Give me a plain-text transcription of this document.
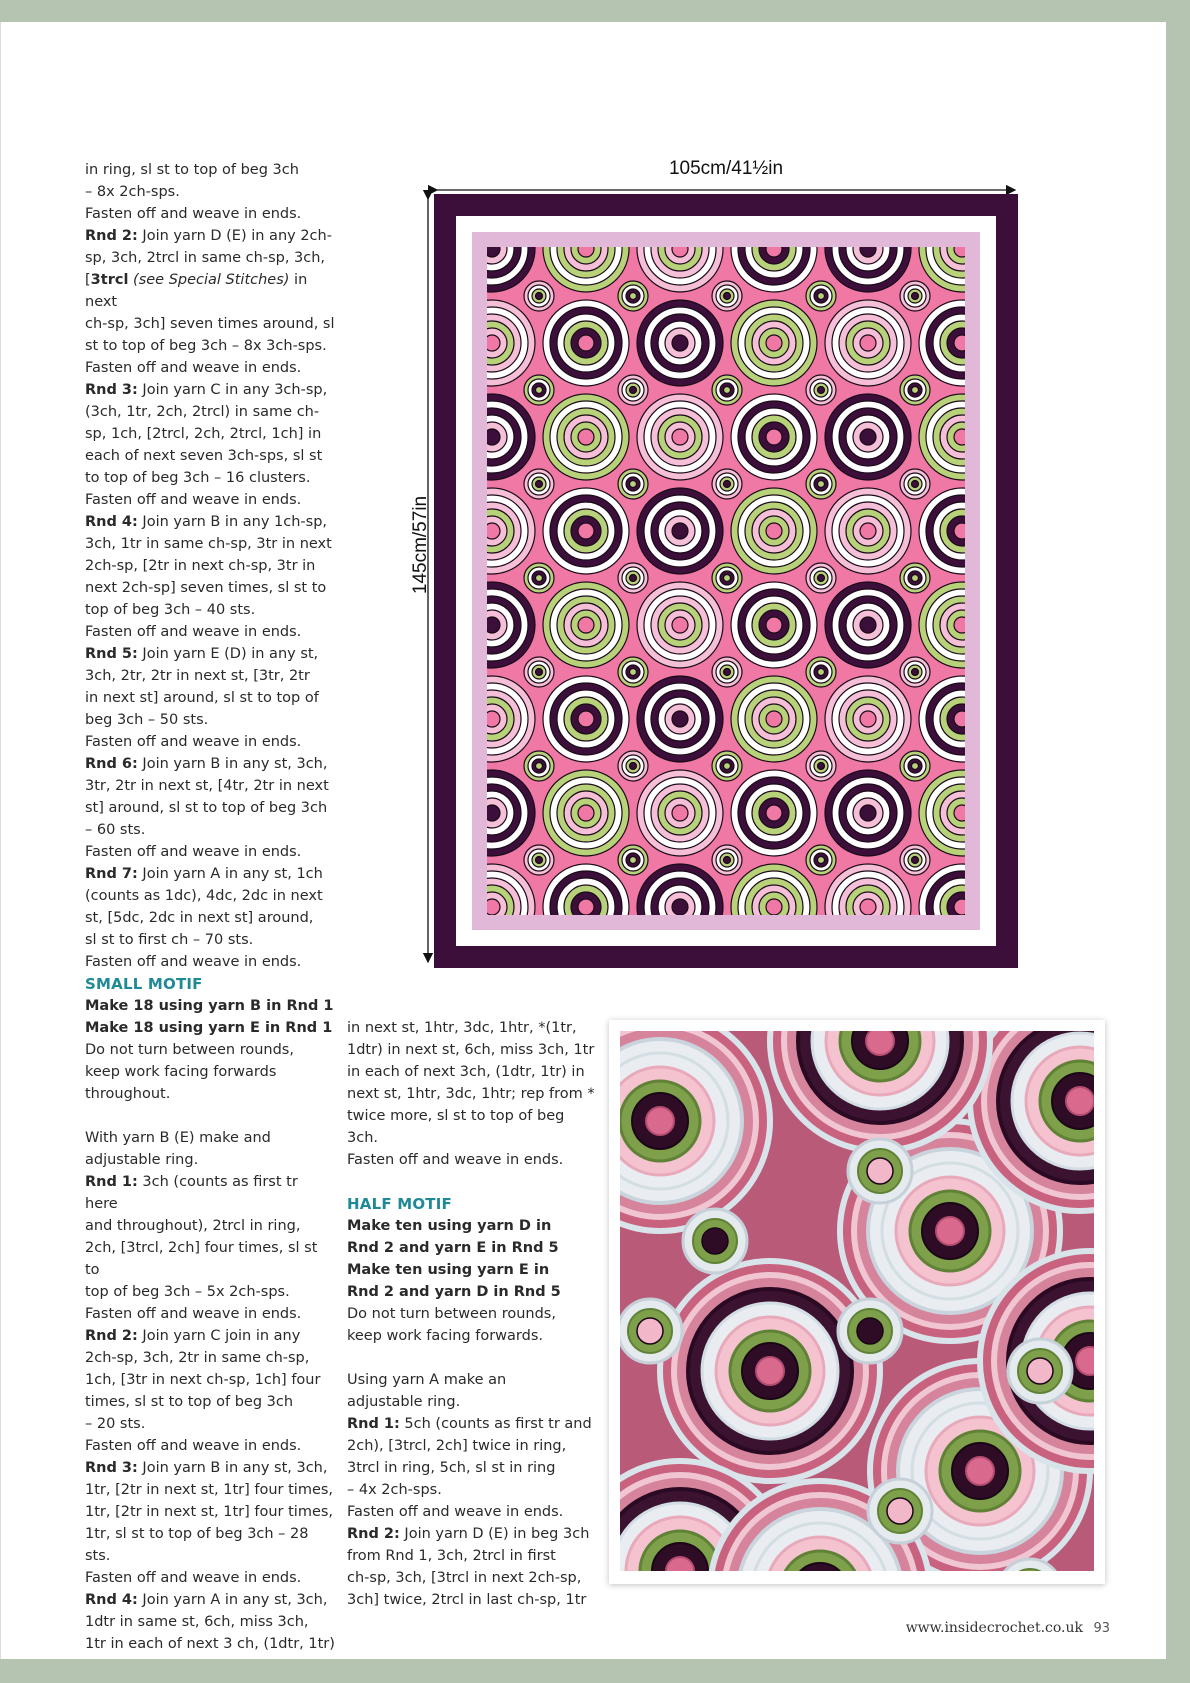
in ring, sl st to top of beg 3ch

– 8x 2ch-sps.

Fasten off and weave in ends.

Rnd 2: Join yarn D (E) in any 2ch-

sp, 3ch, 2trcl in same ch-sp, 3ch,

[3trcl (see Special Stitches) in next

ch-sp, 3ch] seven times around, sl

st to top of beg 3ch – 8x 3ch-sps.

Fasten off and weave in ends.

Rnd 3: Join yarn C in any 3ch-sp,

(3ch, 1tr, 2ch, 2trcl) in same ch-

sp, 1ch, [2trcl, 2ch, 2trcl, 1ch] in

each of next seven 3ch-sps, sl st

to top of beg 3ch – 16 clusters.

Fasten off and weave in ends.

Rnd 4: Join yarn B in any 1ch-sp,

3ch, 1tr in same ch-sp, 3tr in next

2ch-sp, [2tr in next ch-sp, 3tr in

next 2ch-sp] seven times, sl st to

top of beg 3ch – 40 sts.

Fasten off and weave in ends.

Rnd 5: Join yarn E (D) in any st,

3ch, 2tr, 2tr in next st, [3tr, 2tr

in next st] around, sl st to top of

beg 3ch – 50 sts.

Fasten off and weave in ends.

Rnd 6: Join yarn B in any st, 3ch,

3tr, 2tr in next st, [4tr, 2tr in next

st] around, sl st to top of beg 3ch

– 60 sts.

Fasten off and weave in ends.

Rnd 7: Join yarn A in any st, 1ch

(counts as 1dc), 4dc, 2dc in next

st, [5dc, 2dc in next st] around,

sl st to first ch – 70 sts.

Fasten off and weave in ends.

SMALL MOTIF

Make 18 using yarn B in Rnd 1

Make 18 using yarn E in Rnd 1

Do not turn between rounds,

keep work facing forwards

throughout.

With yarn B (E) make and

adjustable ring.

Rnd 1: 3ch (counts as first tr here

and throughout), 2trcl in ring,

2ch, [3trcl, 2ch] four times, sl st to

top of beg 3ch – 5x 2ch-sps.

Fasten off and weave in ends.

Rnd 2: Join yarn C join in any

2ch-sp, 3ch, 2tr in same ch-sp,

1ch, [3tr in next ch-sp, 1ch] four

times, sl st to top of beg 3ch

– 20 sts.

Fasten off and weave in ends.

Rnd 3: Join yarn B in any st, 3ch,

1tr, [2tr in next st, 1tr] four times,

1tr, [2tr in next st, 1tr] four times,

1tr, sl st to top of beg 3ch – 28 sts.

Fasten off and weave in ends.

Rnd 4: Join yarn A in any st, 3ch,

1dtr in same st, 6ch, miss 3ch,

1tr in each of next 3 ch, (1dtr, 1tr)

in next st, 1htr, 3dc, 1htr, *(1tr,

1dtr) in next st, 6ch, miss 3ch, 1tr

in each of next 3ch, (1dtr, 1tr) in

next st, 1htr, 3dc, 1htr; rep from *

twice more, sl st to top of beg 3ch.

Fasten off and weave in ends.

HALF MOTIF

Make ten using yarn D in

Rnd 2 and yarn E in Rnd 5

Make ten using yarn E in

Rnd 2 and yarn D in Rnd 5

Do not turn between rounds,

keep work facing forwards.

Using yarn A make an

adjustable ring.

Rnd 1: 5ch (counts as first tr and

2ch), [3trcl, 2ch] twice in ring,

3trcl in ring, 5ch, sl st in ring

– 4x 2ch-sps.

Fasten off and weave in ends.

Rnd 2: Join yarn D (E) in beg 3ch

from Rnd 1, 3ch, 2trcl in first

ch-sp, 3ch, [3trcl in next 2ch-sp,

3ch] twice, 2trcl in last ch-sp, 1tr

105cm/41½in
145cm/57in
www.insidecrochet.co.uk 93
